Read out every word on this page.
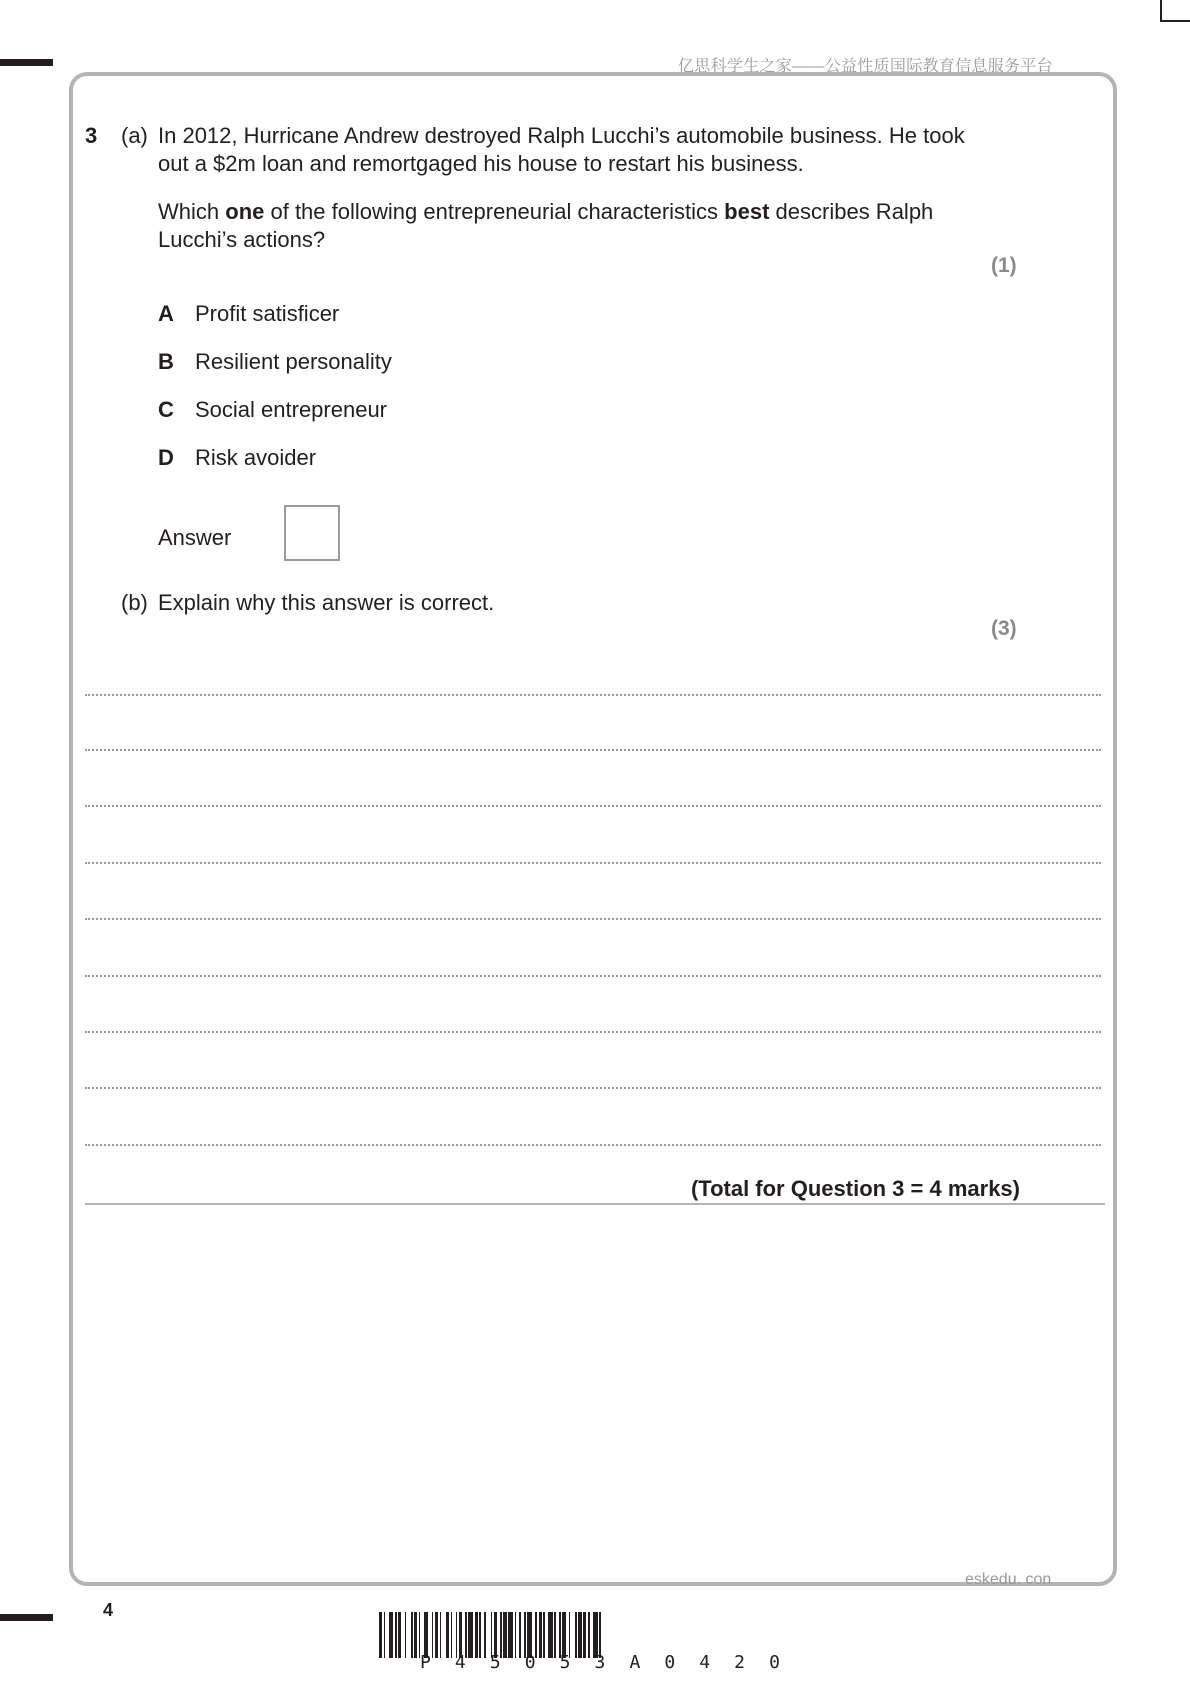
亿思科学生之家——公益性质国际教育信息服务平台
3 (a) In 2012, Hurricane Andrew destroyed Ralph Lucchi’s automobile business. He took
out a $2m loan and remortgaged his house to restart his business.
Which one of the following entrepreneurial characteristics best describes Ralph
Lucchi’s actions?
(1)
A Profit satisficer
B Resilient personality
C Social entrepreneur
D Risk avoider
Answer
(b) Explain why this answer is correct.
(3)
(Total for Question 3 = 4 marks)
eskedu. con
4
P 4 5 0 5 3 A 0 4 2 0
